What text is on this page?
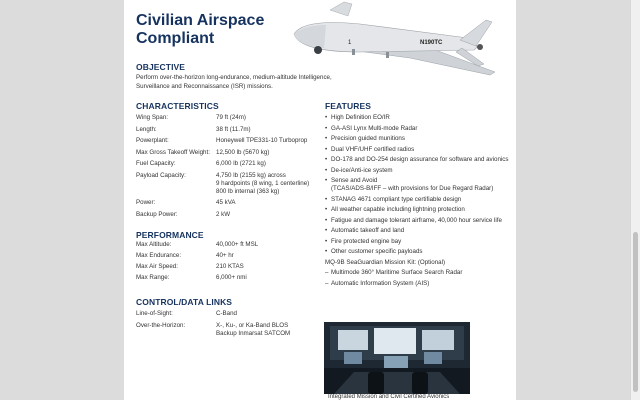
Civilian Airspace Compliant	1	N190TC
OBJECTIVE
Perform over-the-horizon long-endurance, medium-altitude Intelligence,
Surveillance and Reconnaissance (ISR) missions.
CHARACTERISTICS
Wing Span:	79 ft (24m)
Length:	38 ft (11.7m)
Powerplant:	Honeywell TPE331-10 Turboprop
Max Gross Takeoff Weight: 12,500 lb (5670 kg)
Fuel Capacity:	6,000 lb (2721 kg)
Payload Capacity:	4,750 lb (2155 kg) across
9 hardpoints (8 wing, 1 centerline)
800 lb internal (363 kg)
Power:	45 kVA
Backup Power:	2 kW
PERFORMANCE
Max Altitude:	40,000+ ft MSL
Max Endurance:	40+ hr
Max Air Speed:	210 KTAS
Max Range:	6,000+ nmi
CONTROL/DATA LINKS
Line-of-Sight:	C-Band
Over-the-Horizon:	X-, Ku-, or Ka-Band BLOS
Backup Inmarsat SATCOM
FEATURES
• High Definition EO/IR
• GA-ASI Lynx Multi-mode Radar
• Precision guided munitions
• Dual VHF/UHF certified radios
• DO-178 and DO-254 design assurance for software and avionics
• De-ice/Anti-ice system
• Sense and Avoid
(TCAS/ADS-B/IFF – with provisions for Due Regard Radar)
• STANAG 4671 compliant type certifiable design
• All weather capable including lightning protection
• Fatigue and damage tolerant airframe, 40,000 hour service life
• Automatic takeoff and land
• Fire protected engine bay
• Other customer specific payloads
MQ-9B SeaGuardian Mission Kit: (Optional)
– Multimode 360° Maritime Surface Search Radar
– Automatic Information System (AIS)
Integrated Mission and Civil Certified Avionics
